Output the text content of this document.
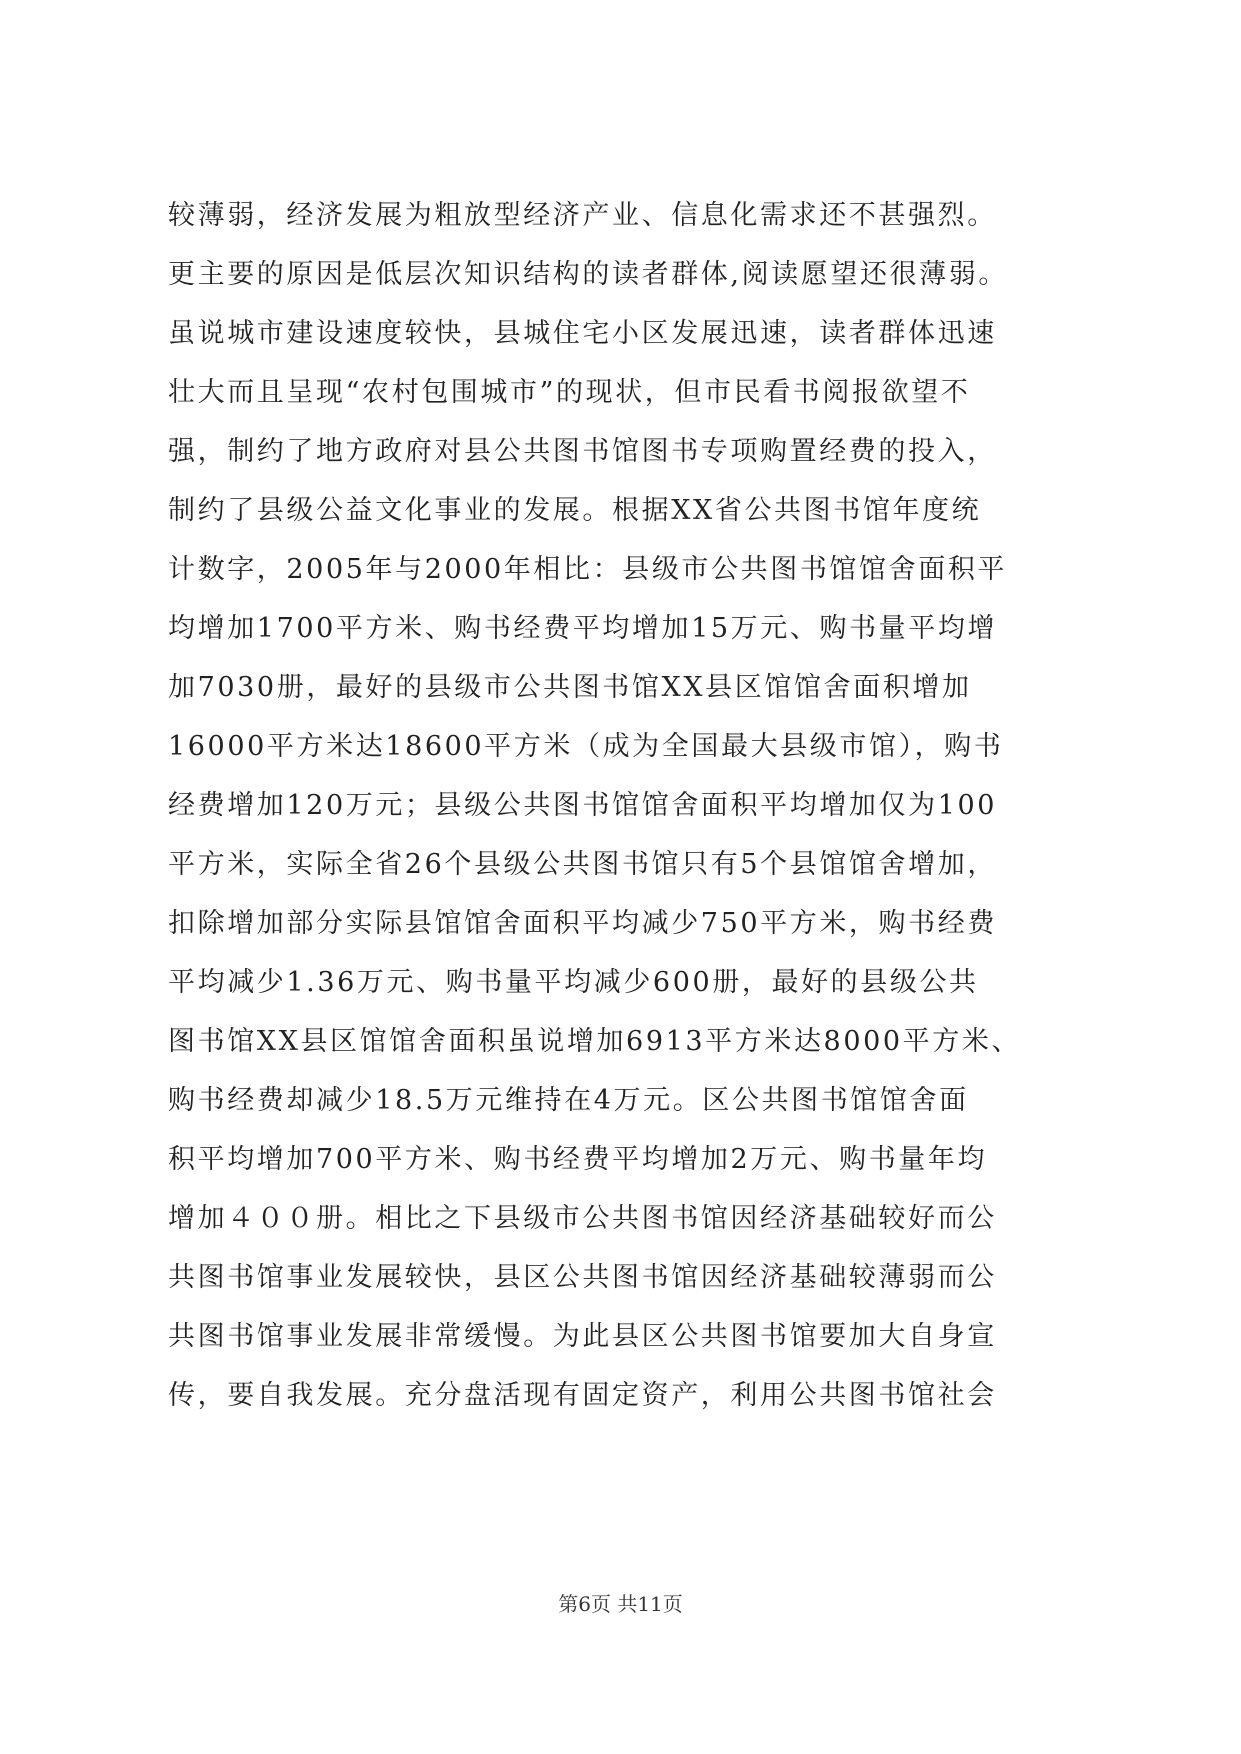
较薄弱，经济发展为粗放型经济产业、信息化需求还不甚强烈。
更主要的原因是低层次知识结构的读者群体,阅读愿望还很薄弱。
虽说城市建设速度较快，县城住宅小区发展迅速，读者群体迅速
壮大而且呈现“农村包围城市”的现状，但市民看书阅报欲望不
强，制约了地方政府对县公共图书馆图书专项购置经费的投入，
制约了县级公益文化事业的发展。根据XX省公共图书馆年度统
计数字，2005年与2000年相比：县级市公共图书馆馆舍面积平
均增加1700平方米、购书经费平均增加15万元、购书量平均增
加7030册，最好的县级市公共图书馆XX县区馆馆舍面积增加
16000平方米达18600平方米（成为全国最大县级市馆），购书
经费增加120万元；县级公共图书馆馆舍面积平均增加仅为100
平方米，实际全省26个县级公共图书馆只有5个县馆馆舍增加，
扣除增加部分实际县馆馆舍面积平均减少750平方米，购书经费
平均减少1.36万元、购书量平均减少600册，最好的县级公共
图书馆XX县区馆馆舍面积虽说增加6913平方米达8000平方米、
购书经费却减少18.5万元维持在4万元。区公共图书馆馆舍面
积平均增加700平方米、购书经费平均增加2万元、购书量年均
增加４００册。相比之下县级市公共图书馆因经济基础较好而公
共图书馆事业发展较快，县区公共图书馆因经济基础较薄弱而公
共图书馆事业发展非常缓慢。为此县区公共图书馆要加大自身宣
传，要自我发展。充分盘活现有固定资产，利用公共图书馆社会
第6页 共11页
